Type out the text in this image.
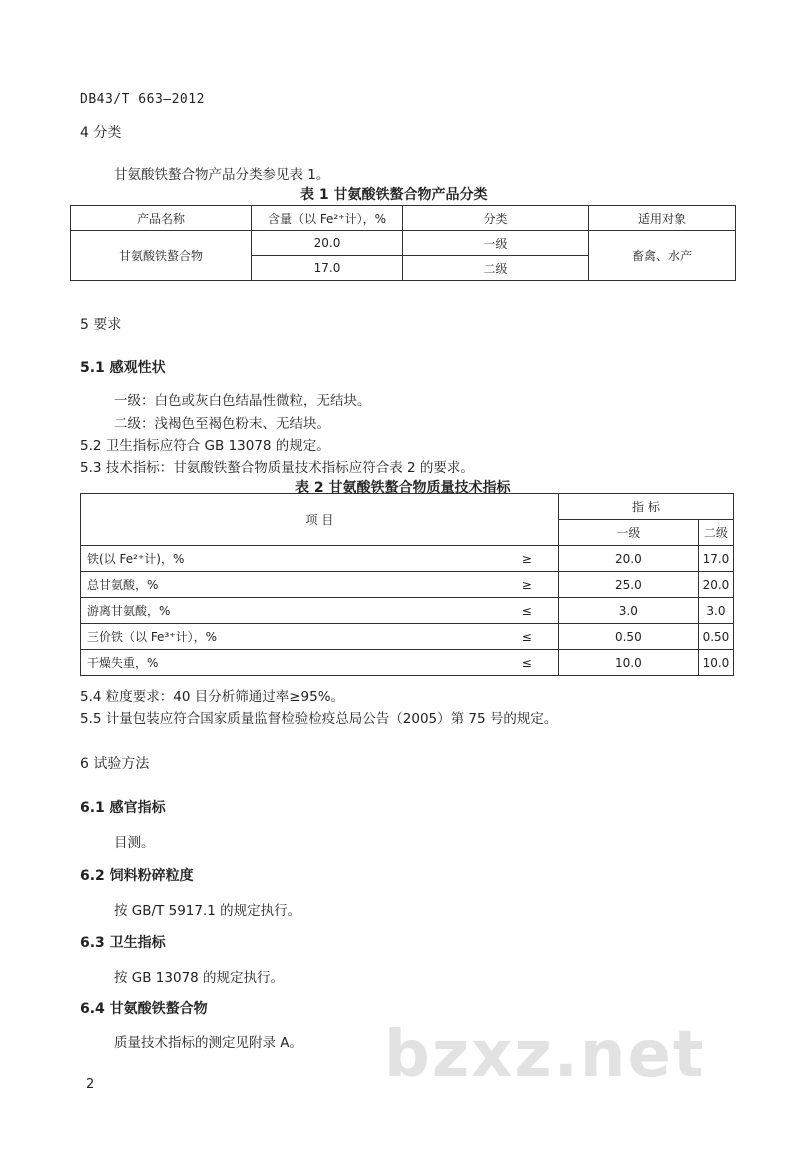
DB43/T 663—2012
4 分类
甘氨酸铁螯合物产品分类参见表 1。
表 1 甘氨酸铁螯合物产品分类
产品名称	含量（以 Fe²⁺计），%	分类	适用对象
甘氨酸铁螯合物	20.0	一级	畜禽、水产
	17.0	二级	
5 要求
5.1 感观性状
一级：白色或灰白色结晶性微粒，无结块。
二级：浅褐色至褐色粉末、无结块。
5.2 卫生指标应符合 GB 13078 的规定。
5.3 技术指标：甘氨酸铁螯合物质量技术指标应符合表 2 的要求。
表 2 甘氨酸铁螯合物质量技术指标
项 目		指 标	
		一级	二级
铁(以 Fe²⁺计)，%	≥	20.0	17.0
总甘氨酸，%	≥	25.0	20.0
游离甘氨酸，%	≤	3.0	3.0
三价铁（以 Fe³⁺计），%	≤	0.50	0.50
干燥失重，%	≤	10.0	10.0
5.4 粒度要求：40 目分析筛通过率≥95%。
5.5 计量包装应符合国家质量监督检验检疫总局公告（2005）第 75 号的规定。
6 试验方法
6.1 感官指标
目测。
6.2 饲料粉碎粒度
按 GB/T 5917.1 的规定执行。
6.3 卫生指标
按 GB 13078 的规定执行。
6.4 甘氨酸铁螯合物
质量技术指标的测定见附录 A。 bzxz.net
2
